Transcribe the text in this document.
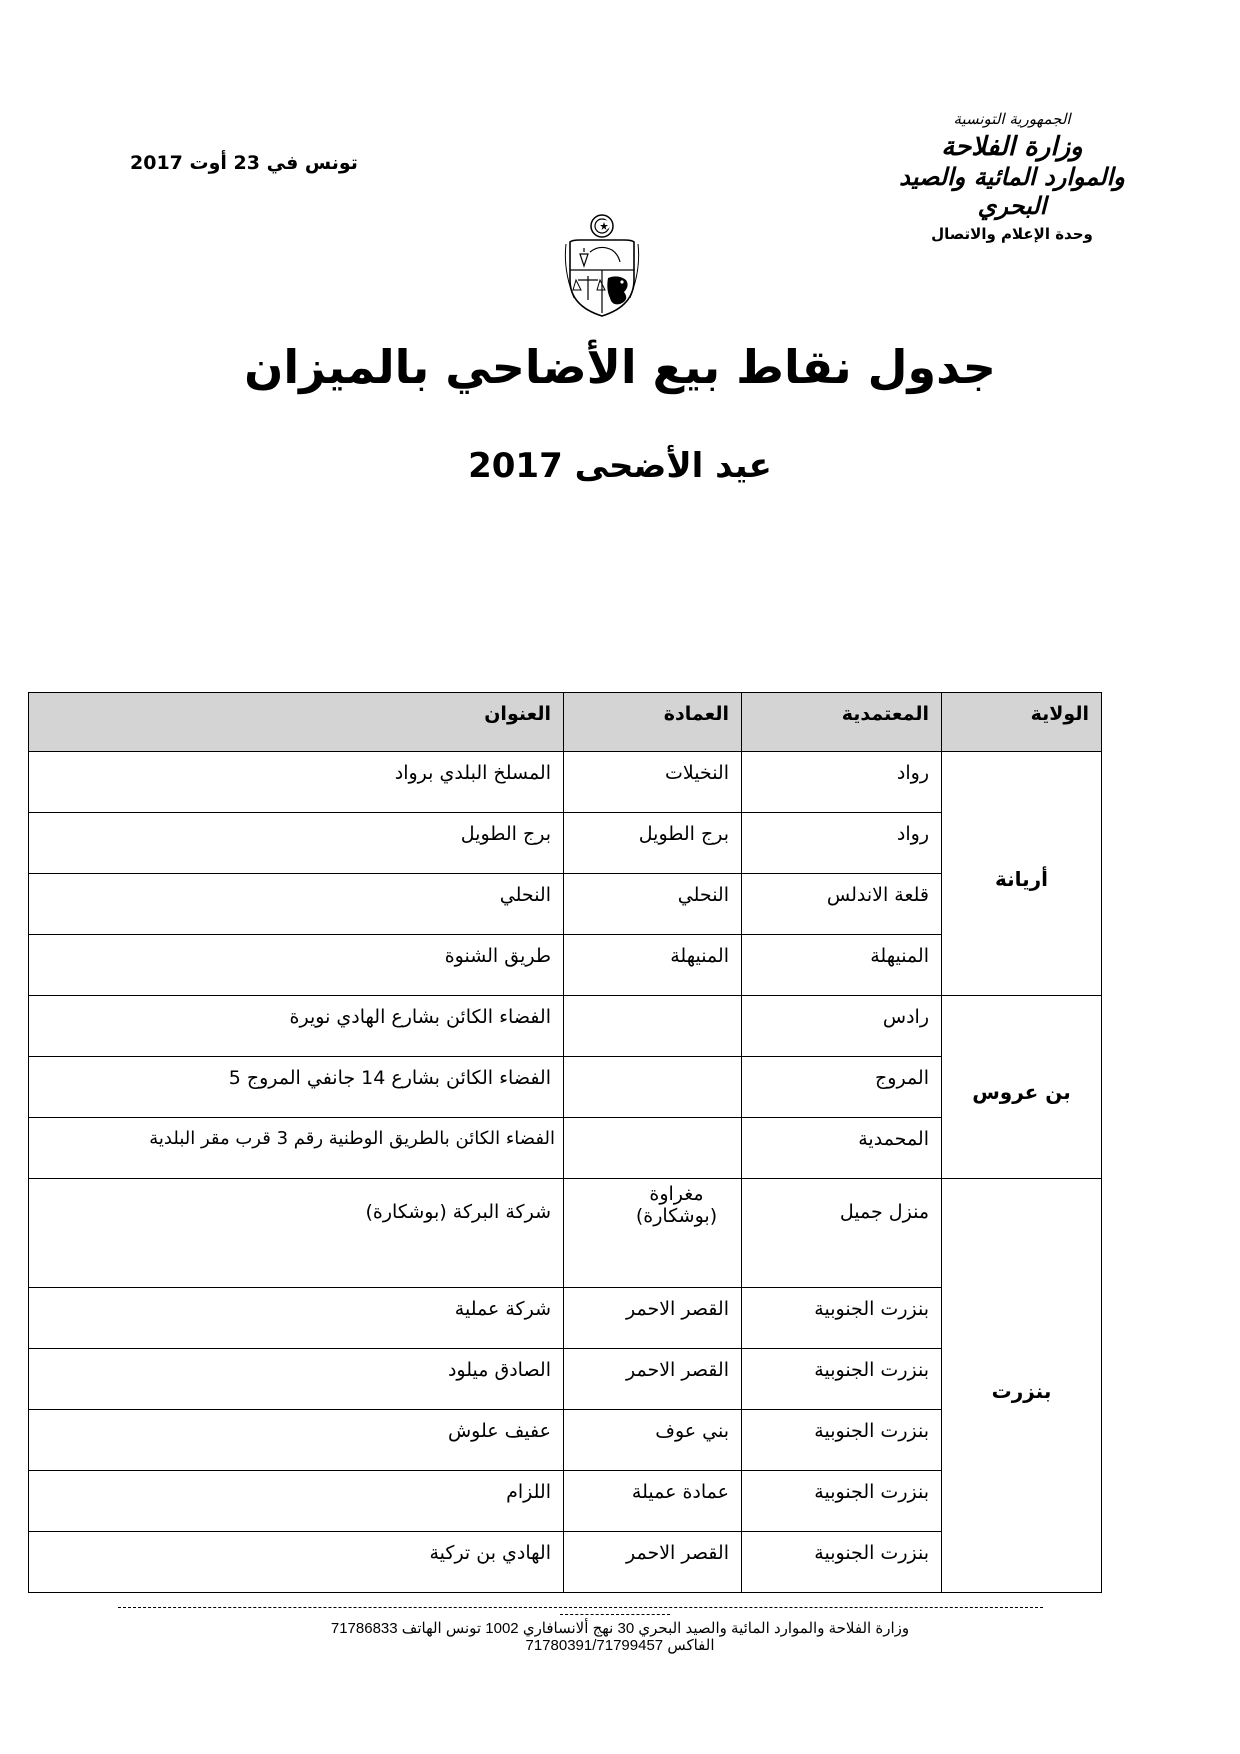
الجمهورية التونسية
وزارة الفلاحة
والموارد المائية والصيد البحري
وحدة الإعلام والاتصال
تونس في 23 أوت 2017
جدول نقاط بيع الأضاحي بالميزان
عيد الأضحى 2017
الولاية	المعتمدية	العمادة	العنوان
أريانة	رواد	النخيلات	المسلخ البلدي برواد
	رواد	برج الطويل	برج الطويل
	قلعة الاندلس	النحلي	النحلي
	المنيهلة	المنيهلة	طريق الشنوة
بن عروس	رادس		الفضاء الكائن بشارع الهادي نويرة
	المروج		الفضاء الكائن بشارع 14 جانفي المروج 5
	المحمدية		الفضاء الكائن بالطريق الوطنية رقم 3 قرب مقر البلدية
بنزرت	منزل جميل	مغراوة (بوشكارة)	شركة البركة (بوشكارة)
	بنزرت الجنوبية	القصر الاحمر	شركة عملية
	بنزرت الجنوبية	القصر الاحمر	الصادق ميلود
	بنزرت الجنوبية	بني عوف	عفيف علوش
	بنزرت الجنوبية	عمادة عميلة	اللزام
	بنزرت الجنوبية	القصر الاحمر	الهادي بن تركية
وزارة الفلاحة والموارد المائية والصيد البحري 30 نهج ألانسافاري 1002 تونس الهاتف 71786833
الفاكس 71780391/71799457
